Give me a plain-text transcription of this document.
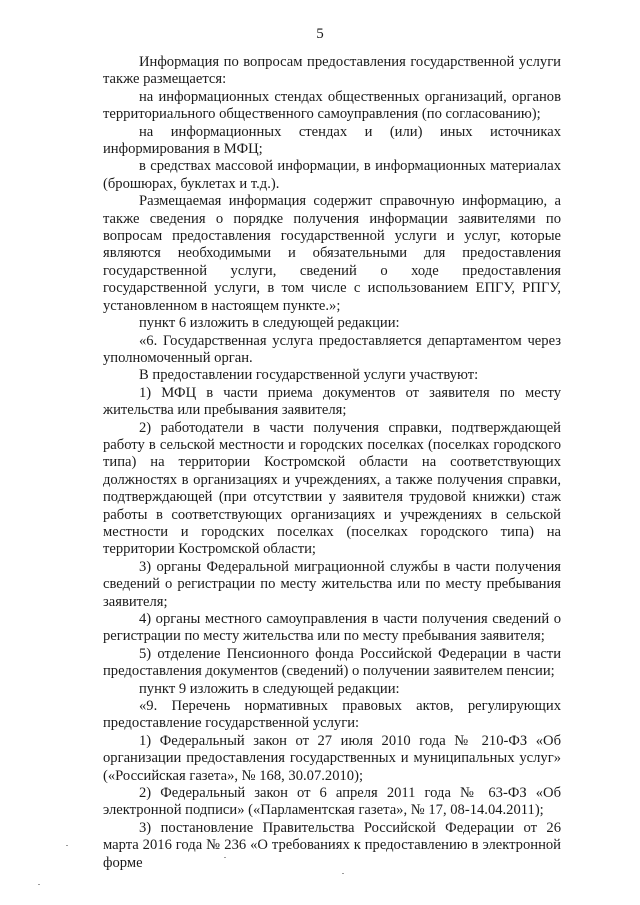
5

Информация по вопросам предоставления государственной услуги также размещается:

на информационных стендах общественных организаций, органов территориального общественного самоуправления (по согласованию);

на информационных стендах и (или) иных источниках информирования в МФЦ;

в средствах массовой информации, в информационных материалах (брошюрах, буклетах и т.д.).

Размещаемая информация содержит справочную информацию, а также сведения о порядке получения информации заявителями по вопросам предоставления государственной услуги и услуг, которые являются необходимыми и обязательными для предоставления государственной услуги, сведений о ходе предоставления государственной услуги, в том числе с использованием ЕПГУ, РПГУ, установленном в настоящем пункте.»;

пункт 6 изложить в следующей редакции:

«6. Государственная услуга предоставляется департаментом через уполномоченный орган.

В предоставлении государственной услуги участвуют:

1) МФЦ в части приема документов от заявителя по месту жительства или пребывания заявителя;

2) работодатели в части получения справки, подтверждающей работу в сельской местности и городских поселках (поселках городского типа) на территории Костромской области на соответствующих должностях в организациях и учреждениях, а также получения справки, подтверждающей (при отсутствии у заявителя трудовой книжки) стаж работы в соответствующих организациях и учреждениях в сельской местности и городских поселках (поселках городского типа) на территории Костромской области;

3) органы Федеральной миграционной службы в части получения сведений о регистрации по месту жительства или по месту пребывания заявителя;

4) органы местного самоуправления в части получения сведений о регистрации по месту жительства или по месту пребывания заявителя;

5) отделение Пенсионного фонда Российской Федерации в части предоставления документов (сведений) о получении заявителем пенсии;

пункт 9 изложить в следующей редакции:

«9. Перечень нормативных правовых актов, регулирующих предоставление государственной услуги:

1) Федеральный закон от 27 июля 2010 года № 210-ФЗ «Об организации предоставления государственных и муниципальных услуг» («Российская газета», № 168, 30.07.2010);

2) Федеральный закон от 6 апреля 2011 года № 63-ФЗ «Об электронной подписи» («Парламентская газета», № 17, 08-14.04.2011);

3) постановление Правительства Российской Федерации от 26 марта 2016 года № 236 «О требованиях к предоставлению в электронной форме
